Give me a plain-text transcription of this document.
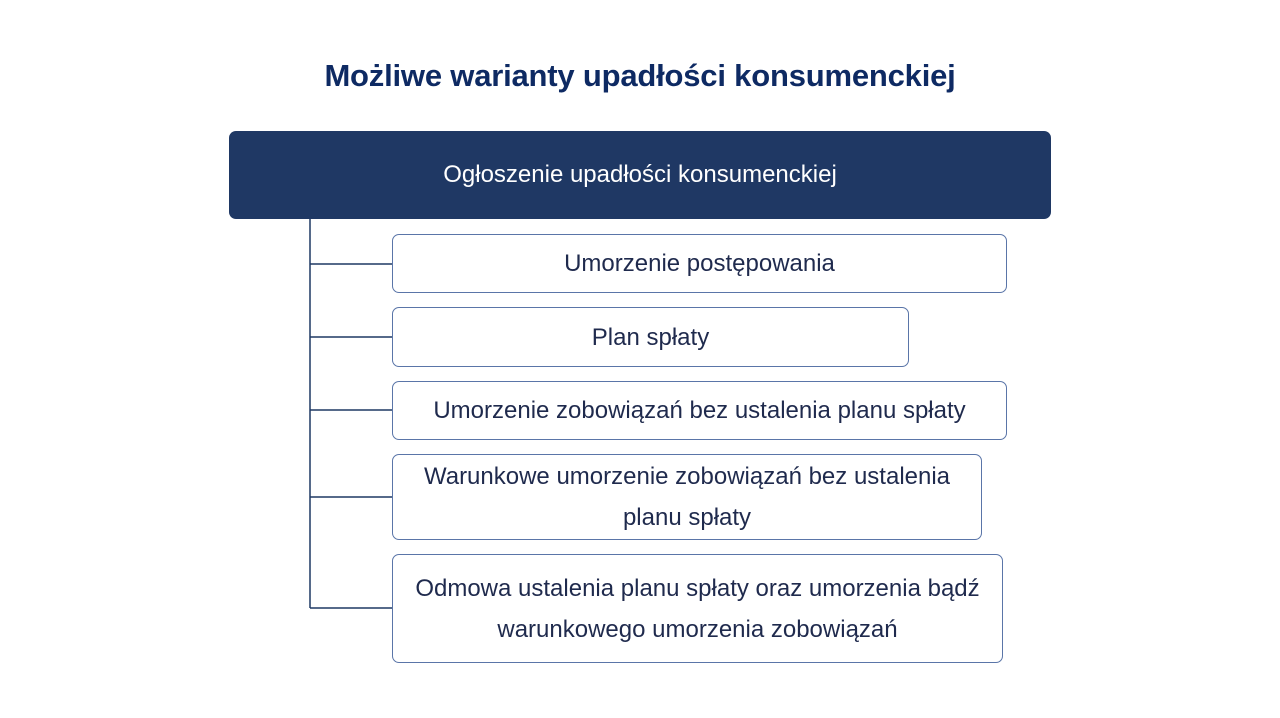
Możliwe warianty upadłości konsumenckiej
Ogłoszenie upadłości konsumenckiej
Umorzenie postępowania
Plan spłaty
Umorzenie zobowiązań bez ustalenia planu spłaty
Warunkowe umorzenie zobowiązań bez ustalenia planu spłaty
Odmowa ustalenia planu spłaty oraz umorzenia bądź warunkowego umorzenia zobowiązań
